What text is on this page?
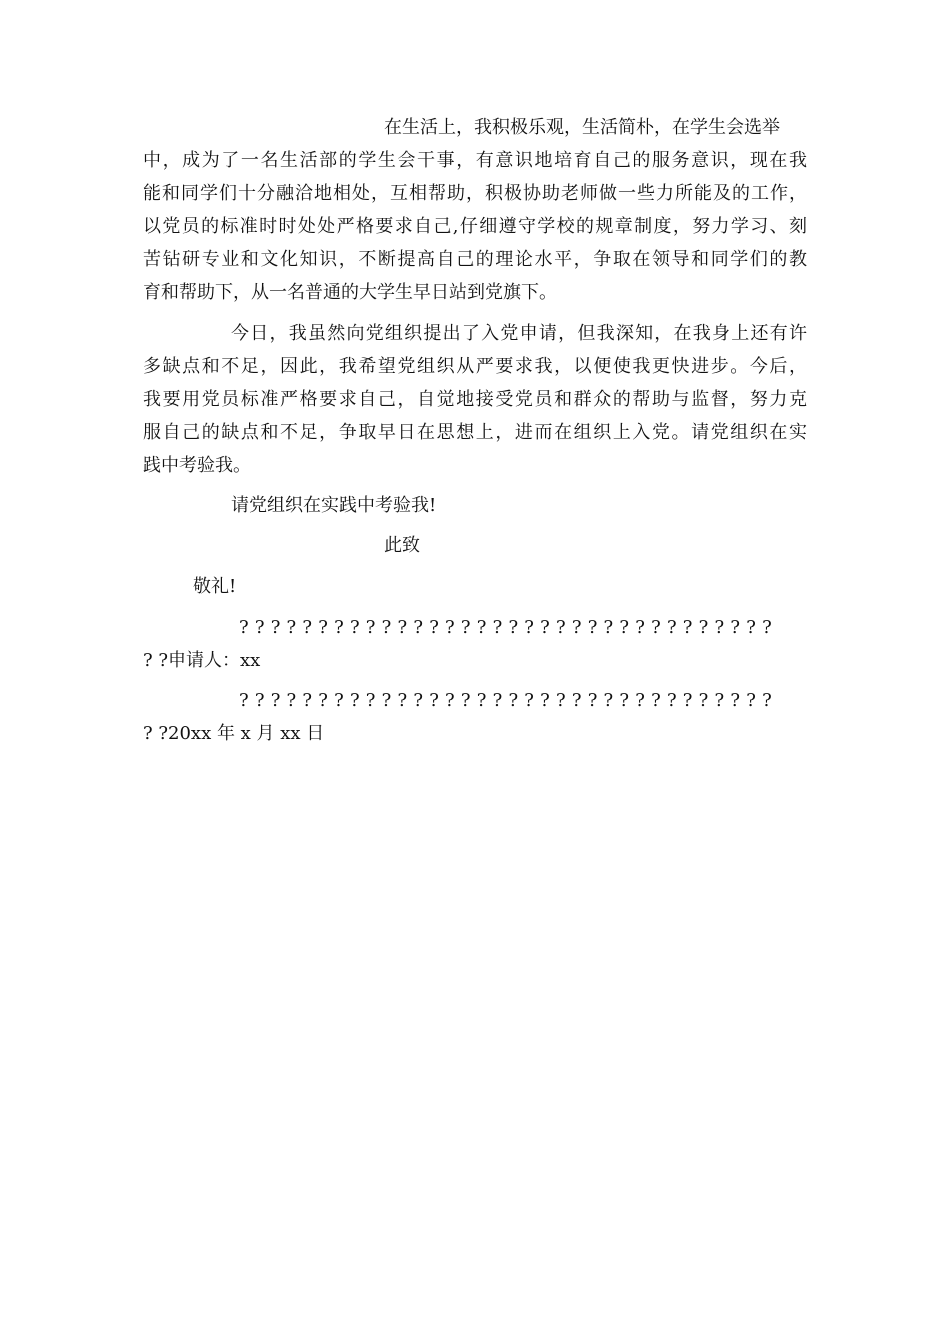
在生活上，我积极乐观，生活简朴，在学生会选举
中，成为了一名生活部的学生会干事，有意识地培育自己的服务意识，现在我
能和同学们十分融洽地相处，互相帮助，积极协助老师做一些力所能及的工作，
以党员的标准时时处处严格要求自己,仔细遵守学校的规章制度，努力学习、刻
苦钻研专业和文化知识，不断提高自己的理论水平，争取在领导和同学们的教
育和帮助下，从一名普通的大学生早日站到党旗下。
今日，我虽然向党组织提出了入党申请，但我深知，在我身上还有许
多缺点和不足，因此，我希望党组织从严要求我，以便使我更快进步。今后，
我要用党员标准严格要求自己，自觉地接受党员和群众的帮助与监督，努力克
服自己的缺点和不足，争取早日在思想上，进而在组织上入党。请党组织在实
践中考验我。
请党组织在实践中考验我!
此致
敬礼!
??????????????????????????????????
? ?申请人：xx
??????????????????????????????????
? ?20xx 年 x 月 xx 日
